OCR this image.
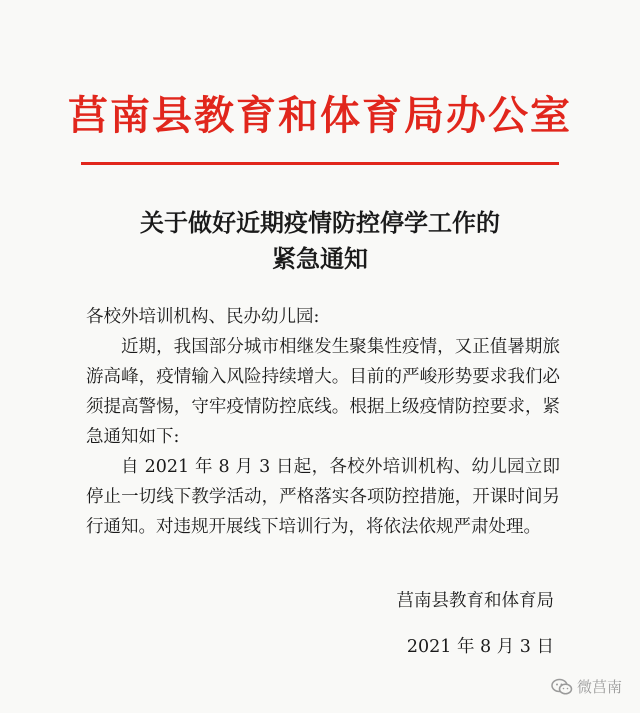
莒南县教育和体育局办公室
关于做好近期疫情防控停学工作的
紧急通知

各校外培训机构、民办幼儿园:

近期，我国部分城市相继发生聚集性疫情，又正值暑期旅游高峰，疫情输入风险持续增大。目前的严峻形势要求我们必须提高警惕，守牢疫情防控底线。根据上级疫情防控要求，紧急通知如下:

自 2021 年 8 月 3 日起，各校外培训机构、幼儿园立即停止一切线下教学活动，严格落实各项防控措施，开课时间另行通知。对违规开展线下培训行为，将依法依规严肃处理。

莒南县教育和体育局
2021 年 8 月 3 日
微莒南
